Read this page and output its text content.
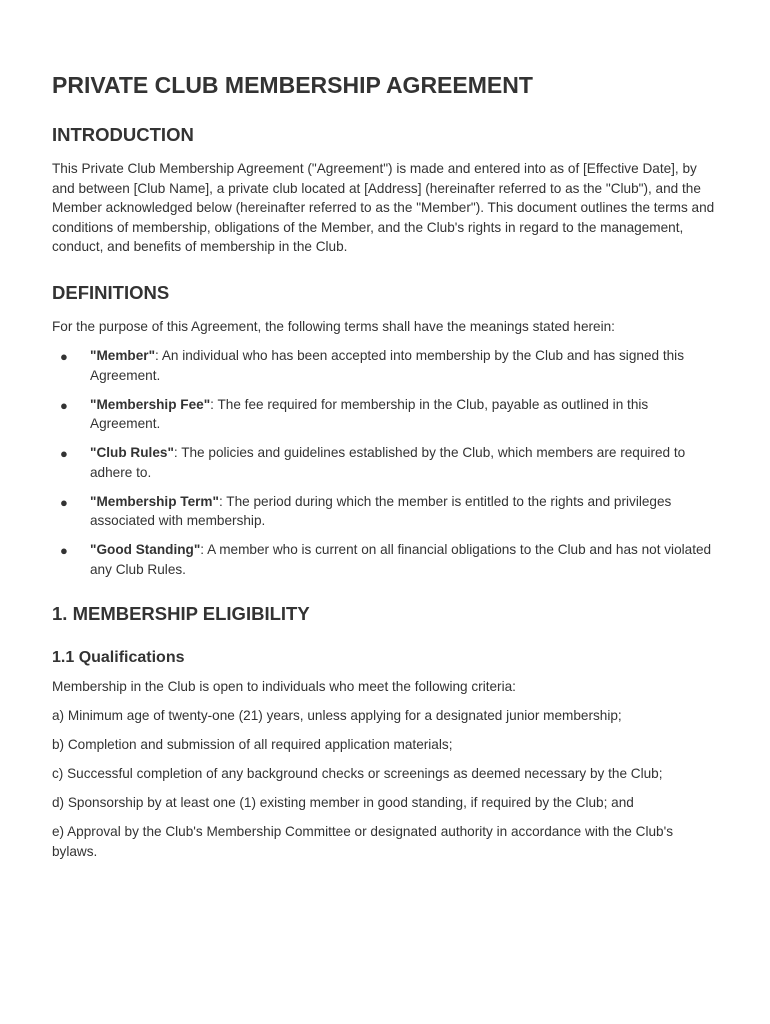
PRIVATE CLUB MEMBERSHIP AGREEMENT
INTRODUCTION

This Private Club Membership Agreement ("Agreement") is made and entered into as of [Effective Date], by and between [Club Name], a private club located at [Address] (hereinafter referred to as the "Club"), and the Member acknowledged below (hereinafter referred to as the "Member"). This document outlines the terms and conditions of membership, obligations of the Member, and the Club's rights in regard to the management, conduct, and benefits of membership in the Club.

DEFINITIONS

For the purpose of this Agreement, the following terms shall have the meanings stated herein:

● "Member": An individual who has been accepted into membership by the Club and has signed this Agreement.
● "Membership Fee": The fee required for membership in the Club, payable as outlined in this Agreement.
● "Club Rules": The policies and guidelines established by the Club, which members are required to adhere to.
● "Membership Term": The period during which the member is entitled to the rights and privileges associated with membership.
● "Good Standing": A member who is current on all financial obligations to the Club and has not violated any Club Rules.
1. MEMBERSHIP ELIGIBILITY
1.1 Qualifications

Membership in the Club is open to individuals who meet the following criteria:

a) Minimum age of twenty-one (21) years, unless applying for a designated junior membership;

b) Completion and submission of all required application materials;

c) Successful completion of any background checks or screenings as deemed necessary by the Club;

d) Sponsorship by at least one (1) existing member in good standing, if required by the Club; and

e) Approval by the Club's Membership Committee or designated authority in accordance with the Club's bylaws.
